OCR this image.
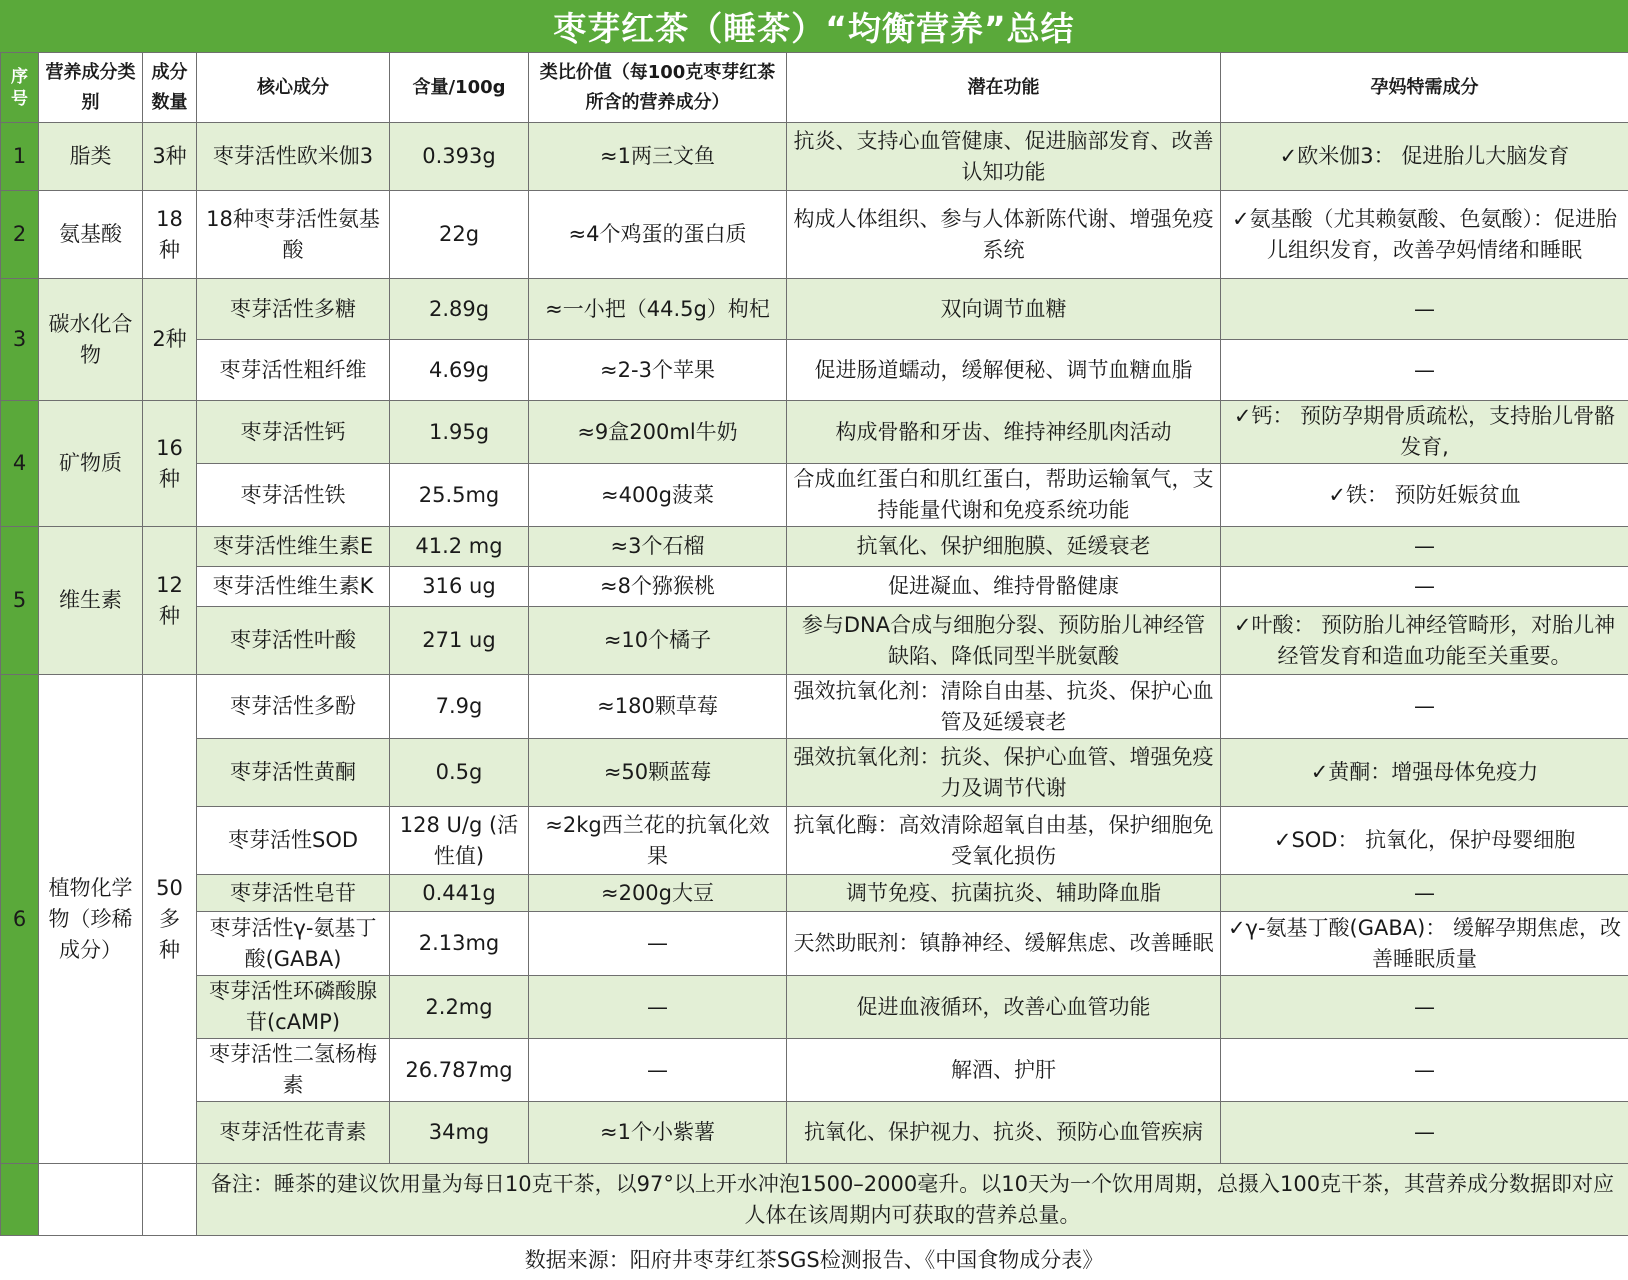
枣芽红茶（睡茶）“均衡营养”总结
序号	营养成分类别	成分数量	核心成分	含量/100g	类比价值（每100克枣芽红茶所含的营养成分）	潜在功能	孕妈特需成分
1	脂类	3种	枣芽活性欧米伽3	0.393g	≈1两三文鱼	抗炎、支持心血管健康、促进脑部发育、改善认知功能	✓欧米伽3： 促进胎儿大脑发育
2	氨基酸	18种	18种枣芽活性氨基酸	22g	≈4个鸡蛋的蛋白质	构成人体组织、参与人体新陈代谢、增强免疫系统	✓氨基酸（尤其赖氨酸、色氨酸）：促进胎儿组织发育，改善孕妈情绪和睡眠
3	碳水化合物	2种	枣芽活性多糖	2.89g	≈一小把（44.5g）枸杞	双向调节血糖	—
			枣芽活性粗纤维	4.69g	≈2-3个苹果	促进肠道蠕动，缓解便秘、调节血糖血脂	—
4	矿物质	16种	枣芽活性钙	1.95g	≈9盒200ml牛奶	构成骨骼和牙齿、维持神经肌肉活动	✓钙： 预防孕期骨质疏松，支持胎儿骨骼发育,
			枣芽活性铁	25.5mg	≈400g菠菜	合成血红蛋白和肌红蛋白，帮助运输氧气，支持能量代谢和免疫系统功能	✓铁： 预防妊娠贫血
5	维生素	12种	枣芽活性维生素E	41.2 mg	≈3个石榴	抗氧化、保护细胞膜、延缓衰老	—
			枣芽活性维生素K	316 ug	≈8个猕猴桃	促进凝血、维持骨骼健康	—
			枣芽活性叶酸	271 ug	≈10个橘子	参与DNA合成与细胞分裂、预防胎儿神经管缺陷、降低同型半胱氨酸	✓叶酸： 预防胎儿神经管畸形，对胎儿神经管发育和造血功能至关重要。
6	植物化学物（珍稀成分）	50多种	枣芽活性多酚	7.9g	≈180颗草莓	强效抗氧化剂：清除自由基、抗炎、保护心血管及延缓衰老	—
			枣芽活性黄酮	0.5g	≈50颗蓝莓	强效抗氧化剂：抗炎、保护心血管、增强免疫力及调节代谢	✓黄酮：增强母体免疫力
			枣芽活性SOD	128 U/g (活性值)	≈2kg西兰花的抗氧化效果	抗氧化酶：高效清除超氧自由基，保护细胞免受氧化损伤	✓SOD： 抗氧化，保护母婴细胞
			枣芽活性皂苷	0.441g	≈200g大豆	调节免疫、抗菌抗炎、辅助降血脂	—
			枣芽活性γ-氨基丁酸(GABA)	2.13mg	—	天然助眠剂：镇静神经、缓解焦虑、改善睡眠	✓γ-氨基丁酸(GABA)： 缓解孕期焦虑，改善睡眠质量
			枣芽活性环磷酸腺苷(cAMP)	2.2mg	—	促进血液循环，改善心血管功能	—
			枣芽活性二氢杨梅素	26.787mg	—	解酒、护肝	—
			枣芽活性花青素	34mg	≈1个小紫薯	抗氧化、保护视力、抗炎、预防心血管疾病	—
			备注：睡茶的建议饮用量为每日10克干茶，以97°以上开水冲泡1500–2000毫升。以10天为一个饮用周期，总摄入100克干茶，其营养成分数据即对应人体在该周期内可获取的营养总量。				
数据来源：阳府井枣芽红茶SGS检测报告、《中国食物成分表》
